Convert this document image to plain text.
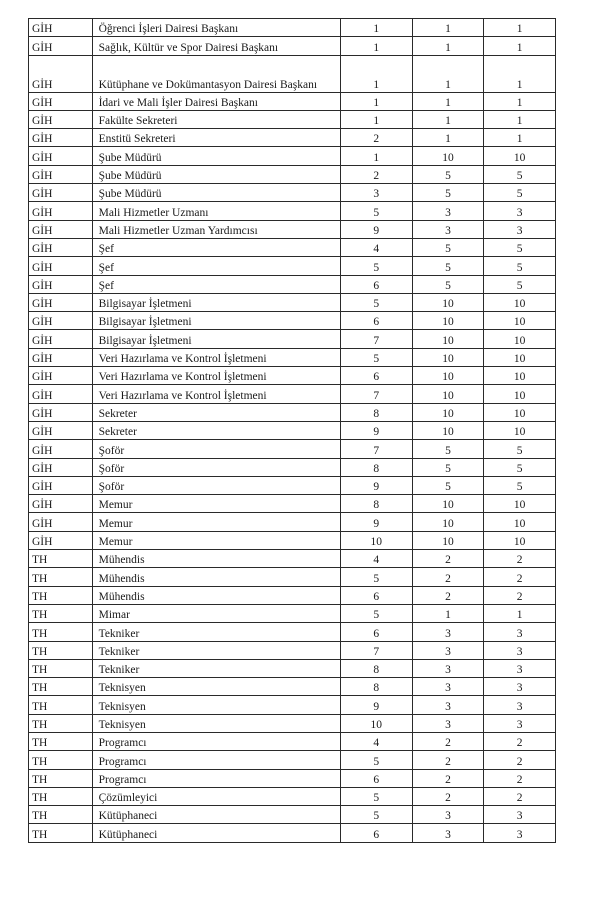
GİH	Öğrenci İşleri Dairesi Başkanı	1	1	1
GİH	Sağlık, Kültür ve Spor Dairesi Başkanı	1	1	1
GİH	Kütüphane ve Dokümantasyon Dairesi Başkanı	1	1	1
GİH	İdari ve Mali İşler Dairesi Başkanı	1	1	1
GİH	Fakülte Sekreteri	1	1	1
GİH	Enstitü Sekreteri	2	1	1
GİH	Şube Müdürü	1	10	10
GİH	Şube Müdürü	2	5	5
GİH	Şube Müdürü	3	5	5
GİH	Mali Hizmetler Uzmanı	5	3	3
GİH	Mali Hizmetler Uzman Yardımcısı	9	3	3
GİH	Şef	4	5	5
GİH	Şef	5	5	5
GİH	Şef	6	5	5
GİH	Bilgisayar İşletmeni	5	10	10
GİH	Bilgisayar İşletmeni	6	10	10
GİH	Bilgisayar İşletmeni	7	10	10
GİH	Veri Hazırlama ve Kontrol İşletmeni	5	10	10
GİH	Veri Hazırlama ve Kontrol İşletmeni	6	10	10
GİH	Veri Hazırlama ve Kontrol İşletmeni	7	10	10
GİH	Sekreter	8	10	10
GİH	Sekreter	9	10	10
GİH	Şoför	7	5	5
GİH	Şoför	8	5	5
GİH	Şoför	9	5	5
GİH	Memur	8	10	10
GİH	Memur	9	10	10
GİH	Memur	10	10	10
TH	Mühendis	4	2	2
TH	Mühendis	5	2	2
TH	Mühendis	6	2	2
TH	Mimar	5	1	1
TH	Tekniker	6	3	3
TH	Tekniker	7	3	3
TH	Tekniker	8	3	3
TH	Teknisyen	8	3	3
TH	Teknisyen	9	3	3
TH	Teknisyen	10	3	3
TH	Programcı	4	2	2
TH	Programcı	5	2	2
TH	Programcı	6	2	2
TH	Çözümleyici	5	2	2
TH	Kütüphaneci	5	3	3
TH	Kütüphaneci	6	3	3
